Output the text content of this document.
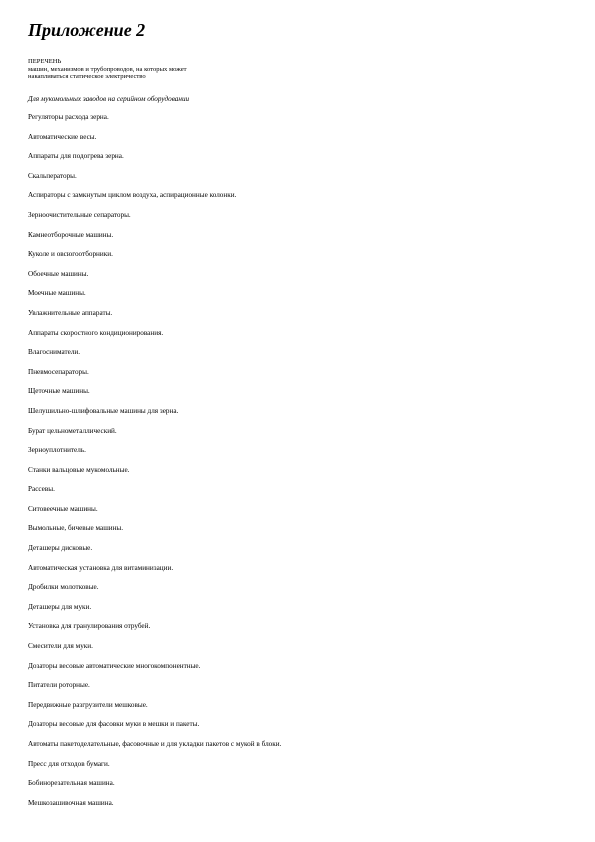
Приложение 2
ПЕРЕЧЕНЬ
машин, механизмов и трубопроводов, на которых может
накапливаться статическое электричество
Для мукомольных заводов на серийном оборудовании
Регуляторы расхода зерна.
Автоматические весы.
Аппараты для подогрева зерна.
Скальператоры.
Аспираторы с замкнутым циклом воздуха, аспирационные колонки.
Зерноочистительные сепараторы.
Камнеотборочные машины.
Куколе и овсюгоотборники.
Обоечные машины.
Моечные машины.
Увлажнительные аппараты.
Аппараты скоростного кондиционирования.
Влагосниматели.
Пневмосепараторы.
Щеточные машины.
Шелушильно-шлифовальные машины для зерна.
Бурат цельнометаллический.
Зерноуплотнитель.
Станки вальцовые мукомольные.
Рассевы.
Ситовеечные машины.
Вымольные, бичевые машины.
Деташеры дисковые.
Автоматическая установка для витаминизации.
Дробилки молотковые.
Деташеры для муки.
Установка для гранулирования отрубей.
Смесители для муки.
Дозаторы весовые автоматические многокомпонентные.
Питатели роторные.
Передвижные разгрузители мешковые.
Дозаторы весовые для фасовки муки в мешки и пакеты.
Автоматы пакетоделательные, фасовочные и для укладки пакетов с мукой в блоки.
Пресс для отходов бумаги.
Бобинорезательная машина.
Мешкозашивочная машина.
